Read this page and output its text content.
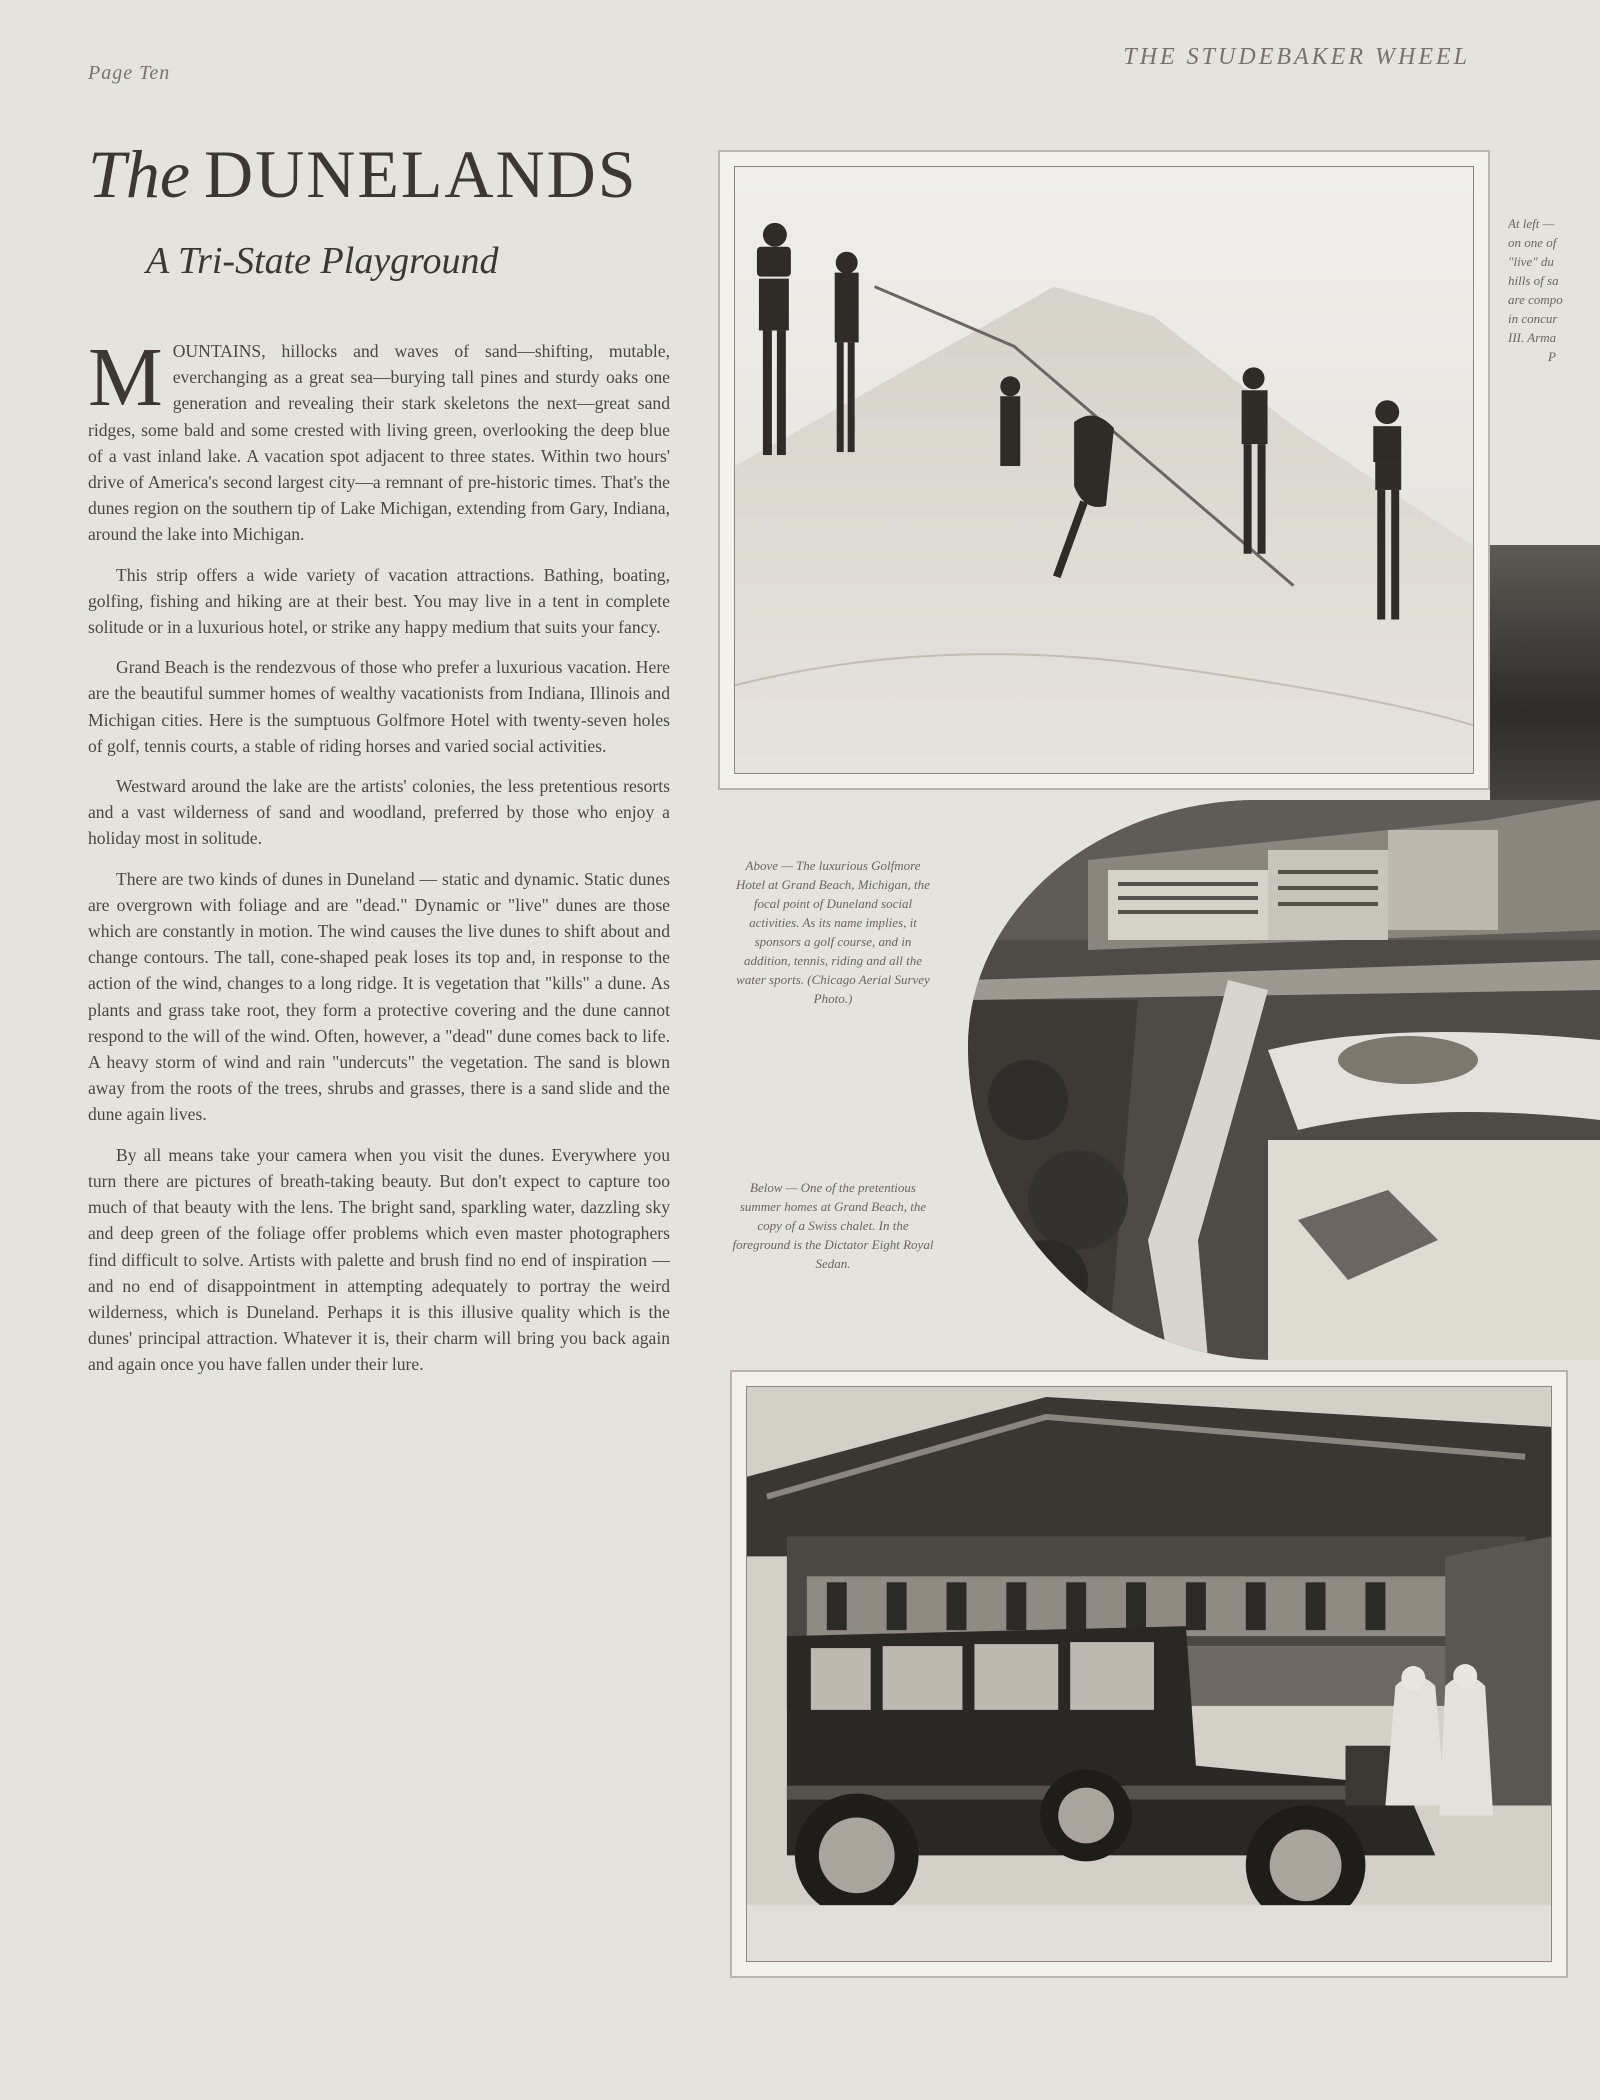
Page Ten
THE STUDEBAKER WHEEL
The DUNELANDS
A Tri-State Playground

MOUNTAINS, hillocks and waves of sand—shifting, mutable, everchanging as a great sea—burying tall pines and sturdy oaks one generation and revealing their stark skeletons the next—great sand ridges, some bald and some crested with living green, overlooking the deep blue of a vast inland lake. A vacation spot adjacent to three states. Within two hours' drive of America's second largest city—a remnant of pre-historic times. That's the dunes region on the southern tip of Lake Michigan, extending from Gary, Indiana, around the lake into Michigan.

This strip offers a wide variety of vacation attractions. Bathing, boating, golfing, fishing and hiking are at their best. You may live in a tent in complete solitude or in a luxurious hotel, or strike any happy medium that suits your fancy.

Grand Beach is the rendezvous of those who prefer a luxurious vacation. Here are the beautiful summer homes of wealthy vacationists from Indiana, Illinois and Michigan cities. Here is the sumptuous Golfmore Hotel with twenty-seven holes of golf, tennis courts, a stable of riding horses and varied social activities.

Westward around the lake are the artists' colonies, the less pretentious resorts and a vast wilderness of sand and woodland, preferred by those who enjoy a holiday most in solitude.

There are two kinds of dunes in Duneland — static and dynamic. Static dunes are overgrown with foliage and are "dead." Dynamic or "live" dunes are those which are constantly in motion. The wind causes the live dunes to shift about and change contours. The tall, cone-shaped peak loses its top and, in response to the action of the wind, changes to a long ridge. It is vegetation that "kills" a dune. As plants and grass take root, they form a protective covering and the dune cannot respond to the will of the wind. Often, however, a "dead" dune comes back to life. A heavy storm of wind and rain "undercuts" the vegetation. The sand is blown away from the roots of the trees, shrubs and grasses, there is a sand slide and the dune again lives.

By all means take your camera when you visit the dunes. Everywhere you turn there are pictures of breath-taking beauty. But don't expect to capture too much of that beauty with the lens. The bright sand, sparkling water, dazzling sky and deep green of the foliage offer problems which even master photographers find difficult to solve. Artists with palette and brush find no end of inspiration — and no end of disappointment in attempting adequately to portray the weird wilderness, which is Duneland. Perhaps it is this illusive quality which is the dunes' principal attraction. Whatever it is, their charm will bring you back again and again once you have fallen under their lure.

At left —
on one of
"live" du
hills of sa
are compo
in concur
III. Arma
P
Above — The luxurious Golfmore Hotel at Grand Beach, Michigan, the focal point of Duneland social activities. As its name implies, it sponsors a golf course, and in addition, tennis, riding and all the water sports. (Chicago Aerial Survey Photo.)
Below — One of the pretentious summer homes at Grand Beach, the copy of a Swiss chalet. In the foreground is the Dictator Eight Royal Sedan.
